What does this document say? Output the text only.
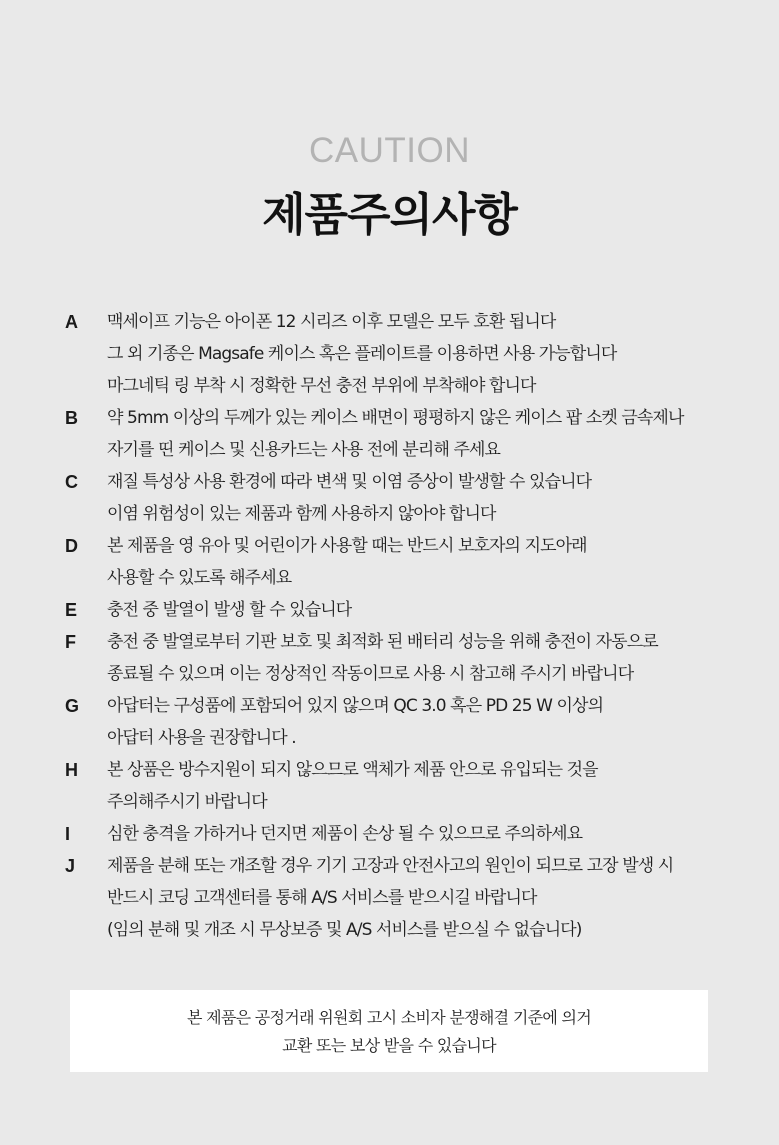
CAUTION
제품주의사항
A	맥세이프 기능은 아이폰 12 시리즈 이후 모델은 모두 호환 됩니다
그 외 기종은 Magsafe 케이스 혹은 플레이트를 이용하면 사용 가능합니다
마그네틱 링 부착 시 정확한 무선 충전 부위에 부착해야 합니다
B	약 5mm 이상의 두께가 있는 케이스 배면이 평평하지 않은 케이스 팝 소켓 금속제나
자기를 띤 케이스 및 신용카드는 사용 전에 분리해 주세요
C	재질 특성상 사용 환경에 따라 변색 및 이염 증상이 발생할 수 있습니다
이염 위험성이 있는 제품과 함께 사용하지 않아야 합니다
D	본 제품을 영 유아 및 어린이가 사용할 때는 반드시 보호자의 지도아래
사용할 수 있도록 해주세요
E	충전 중 발열이 발생 할 수 있습니다
F	충전 중 발열로부터 기판 보호 및 최적화 된 배터리 성능을 위해 충전이 자동으로
종료될 수 있으며 이는 정상적인 작동이므로 사용 시 참고해 주시기 바랍니다
G	아답터는 구성품에 포함되어 있지 않으며 QC 3.0 혹은 PD 25 W 이상의
아답터 사용을 권장합니다 .
H	본 상품은 방수지원이 되지 않으므로 액체가 제품 안으로 유입되는 것을
주의해주시기 바랍니다
I	심한 충격을 가하거나 던지면 제품이 손상 될 수 있으므로 주의하세요
J	제품을 분해 또는 개조할 경우 기기 고장과 안전사고의 원인이 되므로 고장 발생 시
반드시 코딩 고객센터를 통해 A/S 서비스를 받으시길 바랍니다
(임의 분해 및 개조 시 무상보증 및 A/S 서비스를 받으실 수 없습니다)
본 제품은 공정거래 위원회 고시 소비자 분쟁해결 기준에 의거
교환 또는 보상 받을 수 있습니다
